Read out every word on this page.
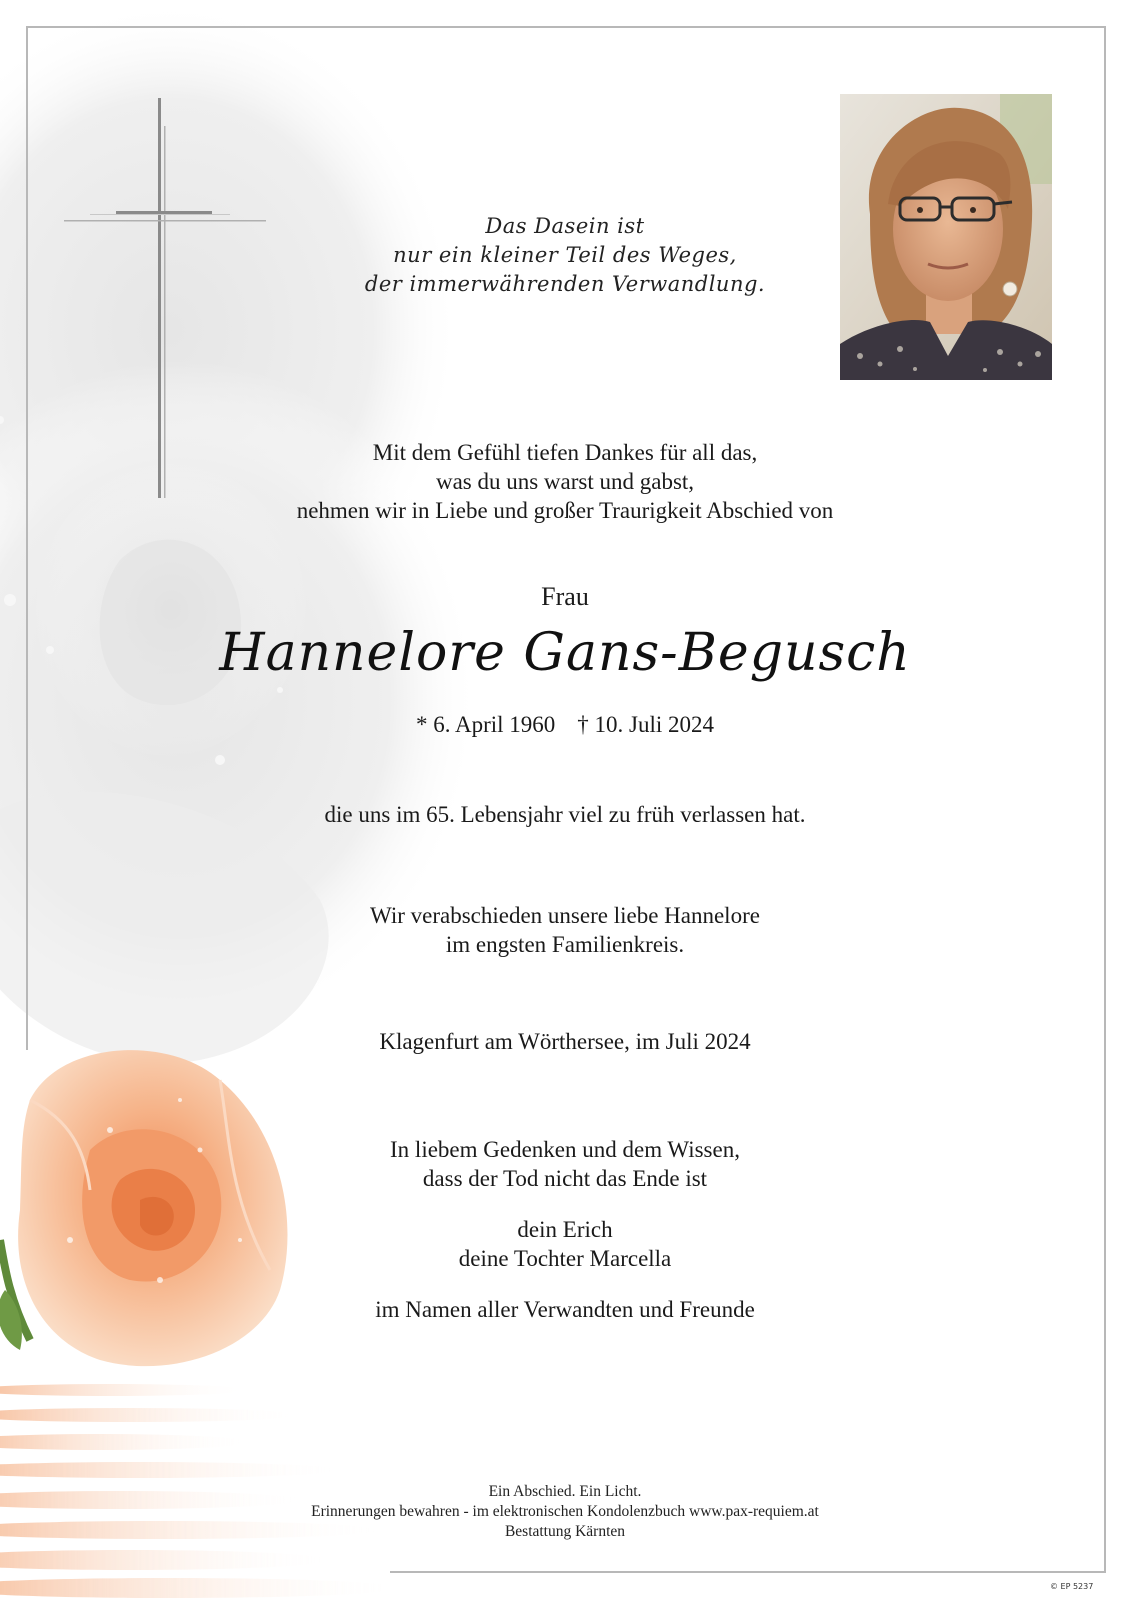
Das Dasein ist
nur ein kleiner Teil des Weges,
der immerwährenden Verwandlung.
Mit dem Gefühl tiefen Dankes für all das,
was du uns warst und gabst,
nehmen wir in Liebe und großer Traurigkeit Abschied von
Frau
Hannelore Gans-Begusch
* 6. April 1960 † 10. Juli 2024
die uns im 65. Lebensjahr viel zu früh verlassen hat.
Wir verabschieden unsere liebe Hannelore
im engsten Familienkreis.
Klagenfurt am Wörthersee, im Juli 2024
In liebem Gedenken und dem Wissen,
dass der Tod nicht das Ende ist
dein Erich
deine Tochter Marcella
im Namen aller Verwandten und Freunde
Ein Abschied. Ein Licht.
Erinnerungen bewahren - im elektronischen Kondolenzbuch www.pax-requiem.at
Bestattung Kärnten
© EP 5237
